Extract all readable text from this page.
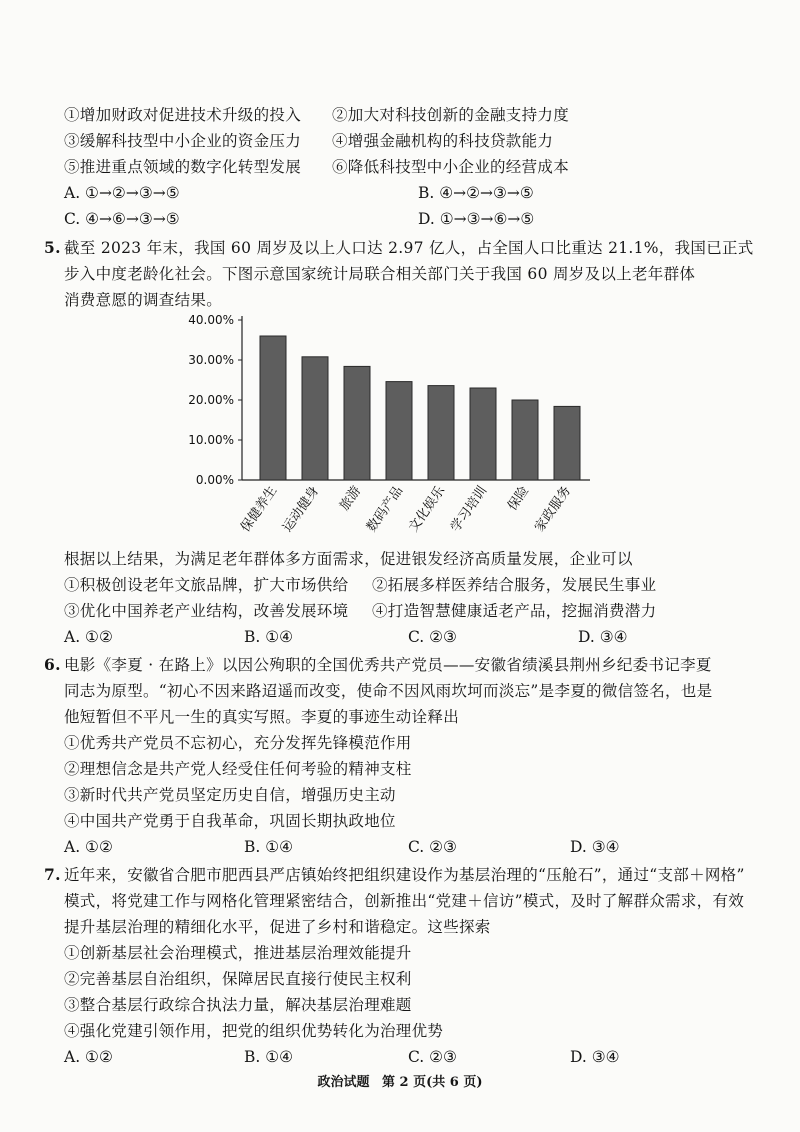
①增加财政对促进技术升级的投入 ②加大对科技创新的金融支持力度
③缓解科技型中小企业的资金压力 ④增强金融机构的科技贷款能力
⑤推进重点领域的数字化转型发展 ⑥降低科技型中小企业的经营成本
A. ①→②→③→⑤	B. ④→②→③→⑤
C. ④→⑥→③→⑤	D. ①→③→⑥→⑤
5. 截至 2023 年末，我国 60 周岁及以上人口达 2.97 亿人，占全国人口比重达 21.1%，我国已正式
步入中度老龄化社会。下图示意国家统计局联合相关部门关于我国 60 周岁及以上老年群体
消费意愿的调查结果。
0.00%
10.00%
20.00%
30.00%
40.00%
保健养生 运动健身 旅游 数码产品 文化娱乐 学习培训 保险 家政服务
根据以上结果，为满足老年群体多方面需求，促进银发经济高质量发展，企业可以
①积极创设老年文旅品牌，扩大市场供给 ②拓展多样医养结合服务，发展民生事业
③优化中国养老产业结构，改善发展环境 ④打造智慧健康适老产品，挖掘消费潜力
A. ①②	B. ①④	C. ②③	D. ③④
6. 电影《李夏 · 在路上》以因公殉职的全国优秀共产党员——安徽省绩溪县荆州乡纪委书记李夏
同志为原型。“初心不因来路迢遥而改变，使命不因风雨坎坷而淡忘”是李夏的微信签名，也是
他短暂但不平凡一生的真实写照。李夏的事迹生动诠释出
①优秀共产党员不忘初心，充分发挥先锋模范作用
②理想信念是共产党人经受住任何考验的精神支柱
③新时代共产党员坚定历史自信，增强历史主动
④中国共产党勇于自我革命，巩固长期执政地位
A. ①②	B. ①④	C. ②③	D. ③④
7. 近年来，安徽省合肥市肥西县严店镇始终把组织建设作为基层治理的“压舱石”，通过“支部＋网格”
模式，将党建工作与网格化管理紧密结合，创新推出“党建＋信访”模式，及时了解群众需求，有效
提升基层治理的精细化水平，促进了乡村和谐稳定。这些探索
①创新基层社会治理模式，推进基层治理效能提升
②完善基层自治组织，保障居民直接行使民主权利
③整合基层行政综合执法力量，解决基层治理难题
④强化党建引领作用，把党的组织优势转化为治理优势
A. ①②	B. ①④	C. ②③	D. ③④
政治试题 第 2 页(共 6 页)
